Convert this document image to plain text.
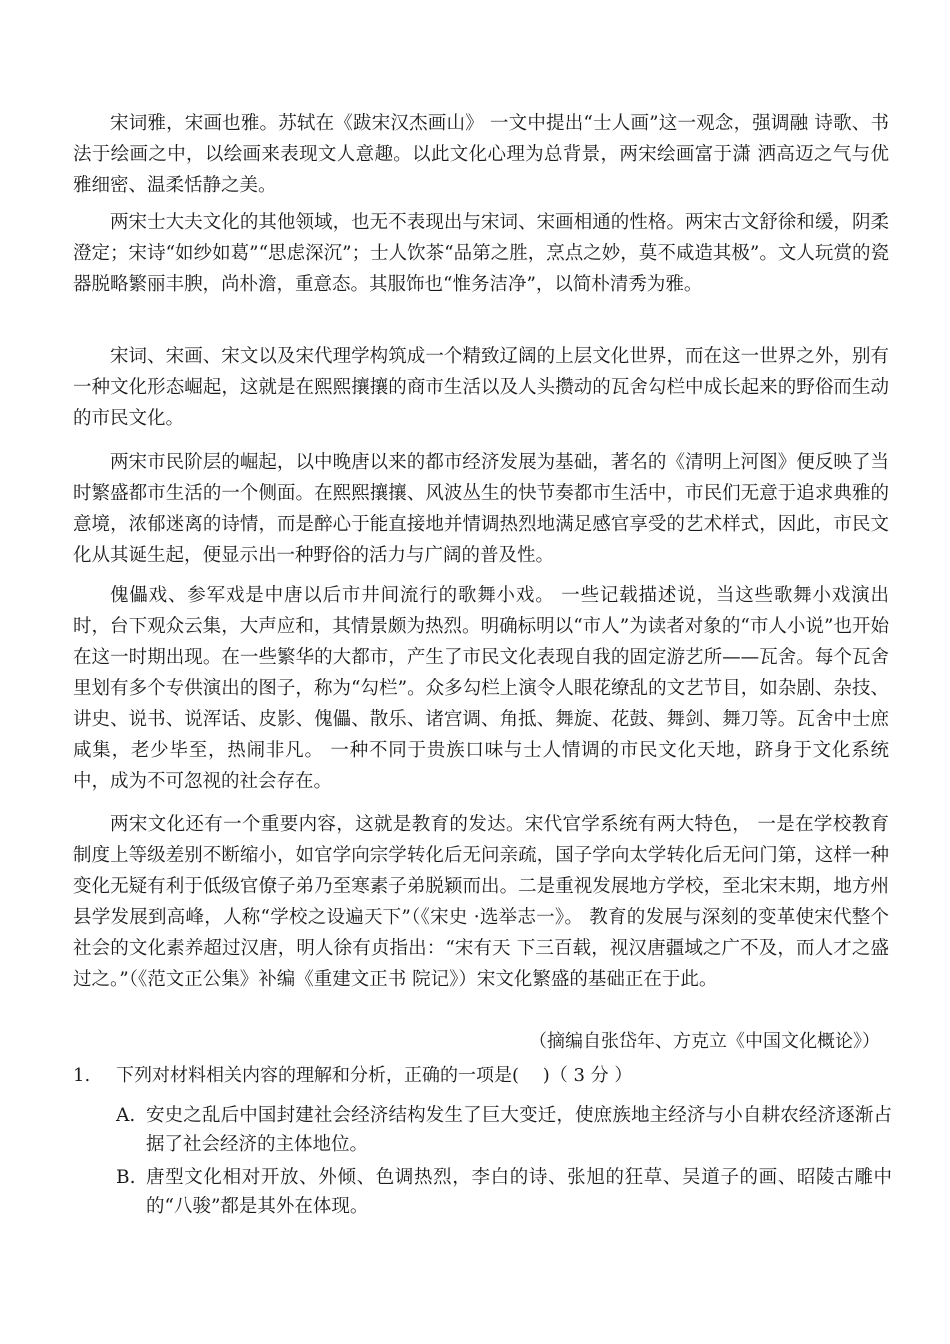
宋词雅，宋画也雅。苏轼在《跋宋汉杰画山》 一文中提出“士人画”这一观念，强调融 诗歌、书法于绘画之中，以绘画来表现文人意趣。以此文化心理为总背景，两宋绘画富于潇 洒高迈之气与优雅细密、温柔恬静之美。

两宋士大夫文化的其他领域，也无不表现出与宋词、宋画相通的性格。两宋古文舒徐和缓，阴柔澄定；宋诗“如纱如葛”“思虑深沉”；士人饮茶“品第之胜，烹点之妙，莫不咸造其极”。文人玩赏的瓷器脱略繁丽丰腴，尚朴澹，重意态。其服饰也“惟务洁净”，以简朴清秀为雅。

宋词、宋画、宋文以及宋代理学构筑成一个精致辽阔的上层文化世界，而在这一世界之外，别有一种文化形态崛起，这就是在熙熙攘攘的商市生活以及人头攒动的瓦舍勾栏中成长起来的野俗而生动的市民文化。

两宋市民阶层的崛起，以中晚唐以来的都市经济发展为基础，著名的《清明上河图》便反映了当时繁盛都市生活的一个侧面。在熙熙攘攘、风波丛生的快节奏都市生活中，市民们无意于追求典雅的意境，浓郁迷离的诗情，而是醉心于能直接地并情调热烈地满足感官享受的艺术样式，因此，市民文化从其诞生起，便显示出一种野俗的活力与广阔的普及性。

傀儡戏、参军戏是中唐以后市井间流行的歌舞小戏。 一些记载描述说，当这些歌舞小戏演出时，台下观众云集，大声应和，其情景颇为热烈。明确标明以“市人”为读者对象的“市人小说”也开始在这一时期出现。在一些繁华的大都市，产生了市民文化表现自我的固定游艺所——瓦舍。每个瓦舍里划有多个专供演出的图子，称为“勾栏”。众多勾栏上演令人眼花缭乱的文艺节目，如杂剧、杂技、讲史、说书、说浑话、皮影、傀儡、散乐、诸宫调、角抵、舞旋、花鼓、舞剑、舞刀等。瓦舍中士庶咸集，老少毕至，热闹非凡。 一种不同于贵族口味与士人情调的市民文化天地，跻身于文化系统中，成为不可忽视的社会存在。

两宋文化还有一个重要内容，这就是教育的发达。宋代官学系统有两大特色， 一是在学校教育制度上等级差别不断缩小，如官学向宗学转化后无问亲疏，国子学向太学转化后无问门第，这样一种变化无疑有利于低级官僚子弟乃至寒素子弟脱颖而出。二是重视发展地方学校，至北宋末期，地方州县学发展到高峰，人称“学校之设遍天下”（《宋史 ·选举志一》。 教育的发展与深刻的变革使宋代整个社会的文化素养超过汉唐，明人徐有贞指出：“宋有天 下三百载，视汉唐疆域之广不及，而人才之盛过之。”（《范文正公集》补编《重建文正书 院记》）宋文化繁盛的基础正在于此。

（摘编自张岱年、方克立《中国文化概论》）

1. 下列对材料相关内容的理解和分析，正确的一项是(　 )（ 3 分 ）

A. 安史之乱后中国封建社会经济结构发生了巨大变迁，使庶族地主经济与小自耕农经济逐渐占据了社会经济的主体地位。
B. 唐型文化相对开放、外倾、色调热烈，李白的诗、张旭的狂草、吴道子的画、昭陵古雕中的“八骏”都是其外在体现。
